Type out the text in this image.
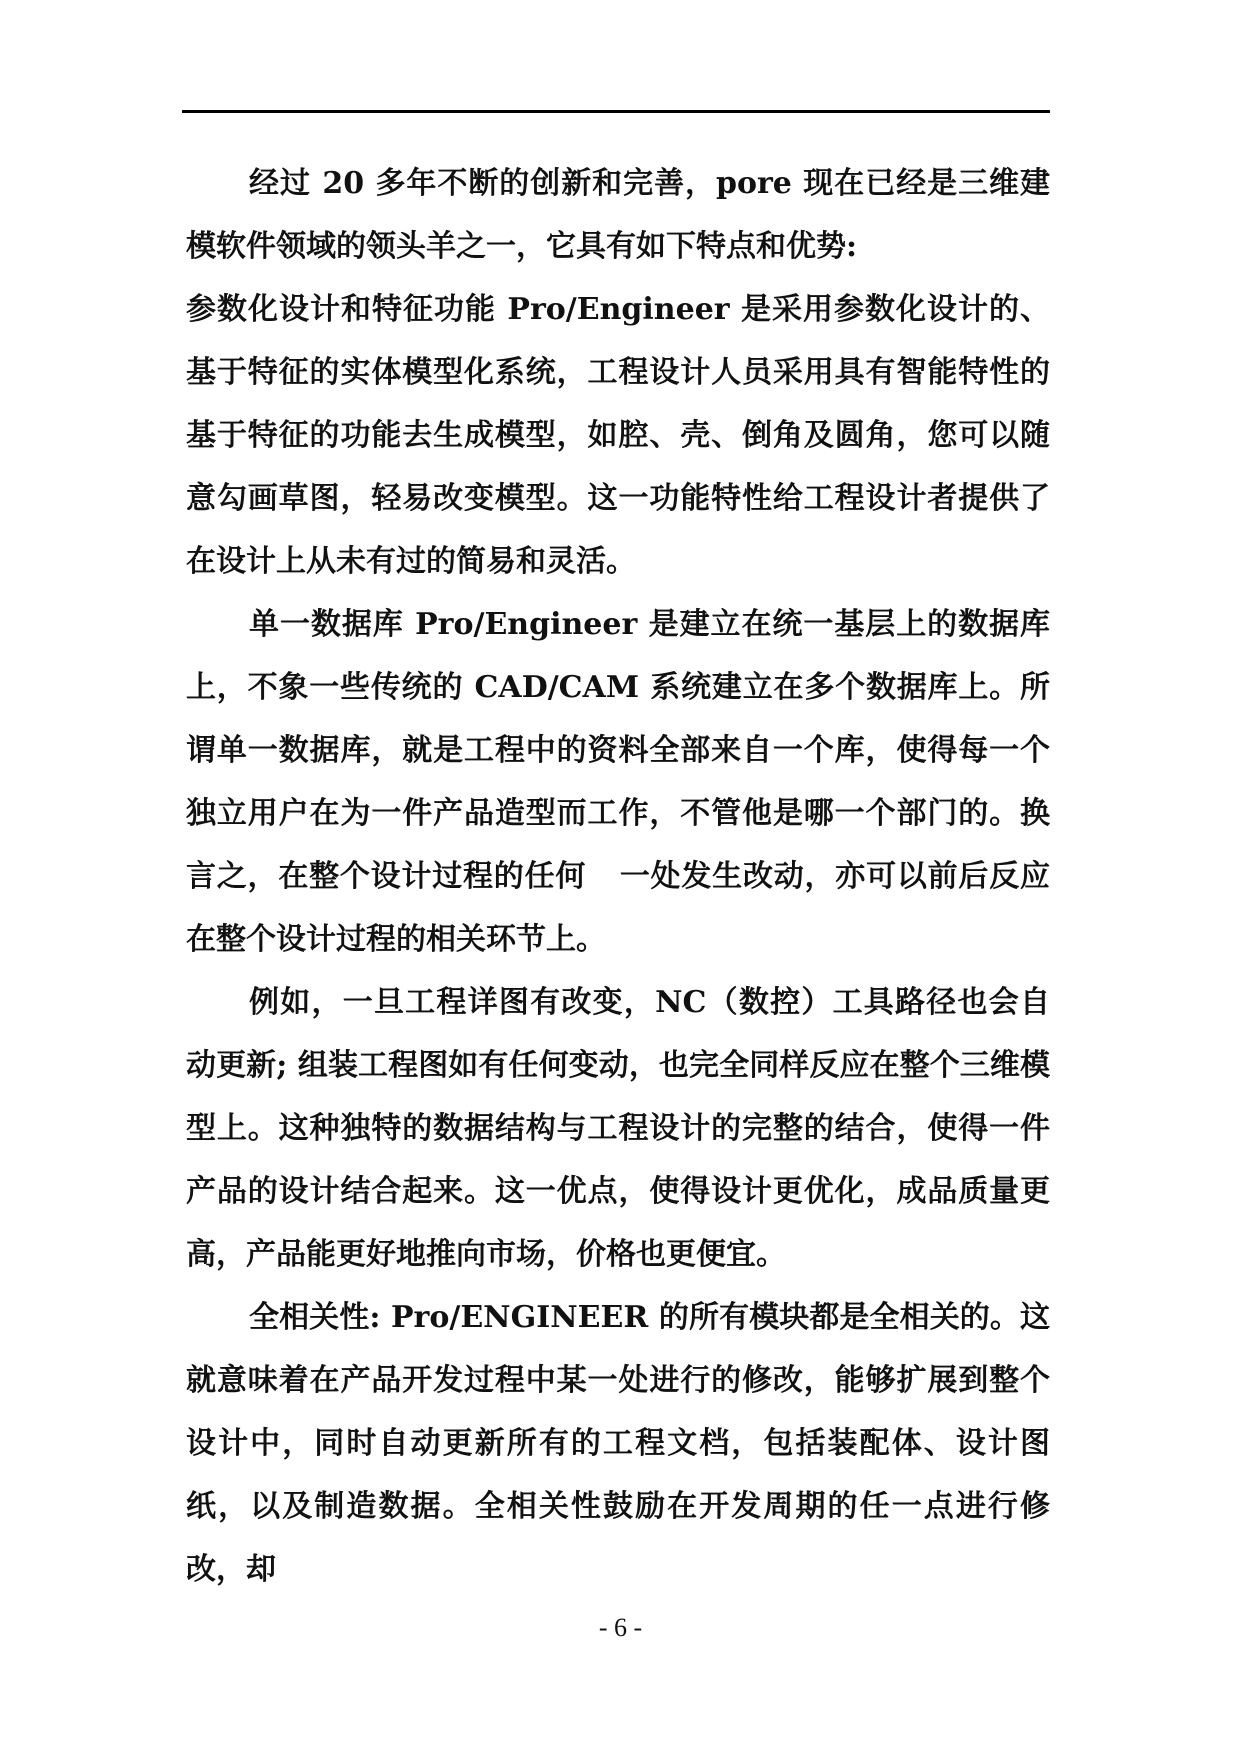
经过 20 多年不断的创新和完善，pore 现在已经是三维建模软件领域的领头羊之一，它具有如下特点和优势:

参数化设计和特征功能 Pro/Engineer 是采用参数化设计的、基于特征的实体模型化系统，工程设计人员采用具有智能特性的基于特征的功能去生成模型，如腔、壳、倒角及圆角，您可以随意勾画草图，轻易改变模型。这一功能特性给工程设计者提供了在设计上从未有过的简易和灵活。

单一数据库 Pro/Engineer 是建立在统一基层上的数据库上，不象一些传统的 CAD/CAM 系统建立在多个数据库上。所谓单一数据库，就是工程中的资料全部来自一个库，使得每一个独立用户在为一件产品造型而工作，不管他是哪一个部门的。换言之，在整个设计过程的任何   一处发生改动，亦可以前后反应在整个设计过程的相关环节上。

例如，一旦工程详图有改变，NC（数控）工具路径也会自动更新; 组装工程图如有任何变动，也完全同样反应在整个三维模型上。这种独特的数据结构与工程设计的完整的结合，使得一件产品的设计结合起来。这一优点，使得设计更优化，成品质量更高，产品能更好地推向市场，价格也更便宜。

全相关性: Pro/ENGINEER 的所有模块都是全相关的。这就意味着在产品开发过程中某一处进行的修改，能够扩展到整个设计中，同时自动更新所有的工程文档，包括装配体、设计图纸，以及制造数据。全相关性鼓励在开发周期的任一点进行修改，却

- 6 -
